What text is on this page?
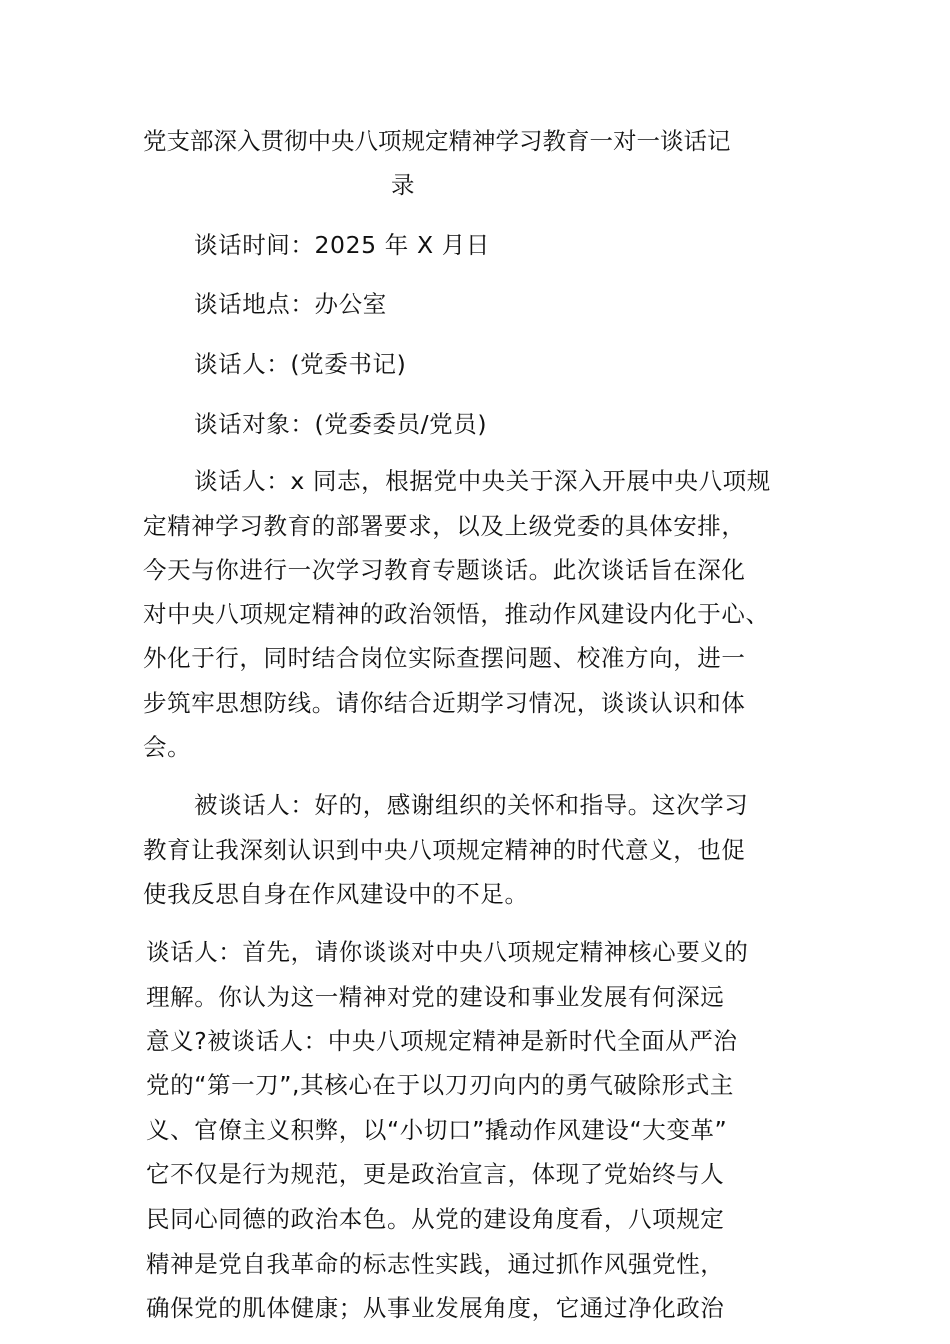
党支部深入贯彻中央八项规定精神学习教育一对一谈话记
录
谈话时间：2025 年 X 月日
谈话地点：办公室
谈话人：(党委书记)
谈话对象：(党委委员/党员)
谈话人：x 同志，根据党中央关于深入开展中央八项规
定精神学习教育的部署要求，以及上级党委的具体安排，
今天与你进行一次学习教育专题谈话。此次谈话旨在深化
对中央八项规定精神的政治领悟，推动作风建设内化于心、
外化于行，同时结合岗位实际查摆问题、校准方向，进一
步筑牢思想防线。请你结合近期学习情况，谈谈认识和体
会。
被谈话人：好的，感谢组织的关怀和指导。这次学习
教育让我深刻认识到中央八项规定精神的时代意义，也促
使我反思自身在作风建设中的不足。
谈话人：首先，请你谈谈对中央八项规定精神核心要义的
理解。你认为这一精神对党的建设和事业发展有何深远
意义?被谈话人：中央八项规定精神是新时代全面从严治
党的“第一刀”,其核心在于以刀刃向内的勇气破除形式主
义、官僚主义积弊，以“小切口”撬动作风建设“大变革”
它不仅是行为规范，更是政治宣言，体现了党始终与人
民同心同德的政治本色。从党的建设角度看，八项规定
精神是党自我革命的标志性实践，通过抓作风强党性，
确保党的肌体健康；从事业发展角度，它通过净化政治
